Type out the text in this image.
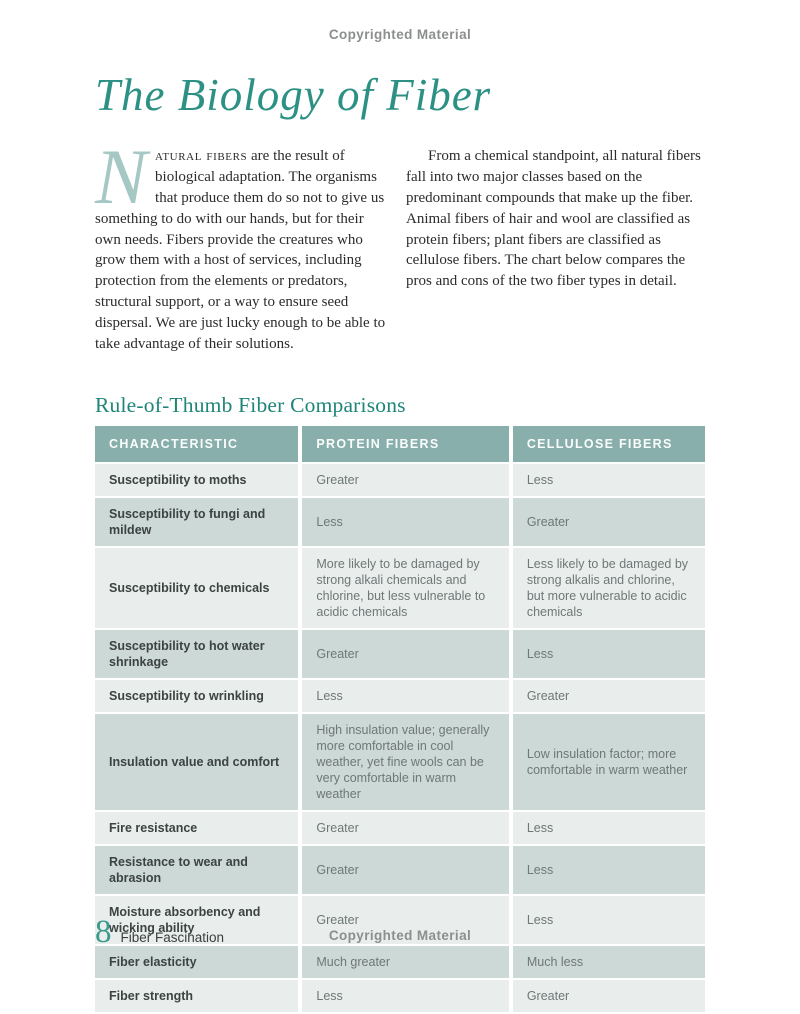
Copyrighted Material
The Biology of Fiber

Natural fibers are the result of biological adaptation. The organisms that produce them do so not to give us something to do with our hands, but for their own needs. Fibers provide the creatures who grow them with a host of services, including protection from the elements or predators, structural support, or a way to ensure seed dispersal. We are just lucky enough to be able to take advantage of their solutions.

From a chemical standpoint, all natural fibers fall into two major classes based on the predominant compounds that make up the fiber. Animal fibers of hair and wool are classified as protein fibers; plant fibers are classified as cellulose fibers. The chart below compares the pros and cons of the two fiber types in detail.

Rule-of-Thumb Fiber Comparisons
CHARACTERISTIC	PROTEIN FIBERS	CELLULOSE FIBERS
Susceptibility to moths	Greater	Less
Susceptibility to fungi and mildew	Less	Greater
Susceptibility to chemicals	More likely to be damaged by strong alkali chemicals and chlorine, but less vulnerable to acidic chemicals	Less likely to be damaged by strong alkalis and chlorine, but more vulnerable to acidic chemicals
Susceptibility to hot water shrinkage	Greater	Less
Susceptibility to wrinkling	Less	Greater
Insulation value and comfort	High insulation value; generally more comfortable in cool weather, yet fine wools can be very comfortable in warm weather	Low insulation factor; more comfortable in warm weather
Fire resistance	Greater	Less
Resistance to wear and abrasion	Greater	Less
Moisture absorbency and wicking ability	Greater	Less
Fiber elasticity	Much greater	Much less
Fiber strength	Less	Greater
8 Fiber Fascination	Copyrighted Material
